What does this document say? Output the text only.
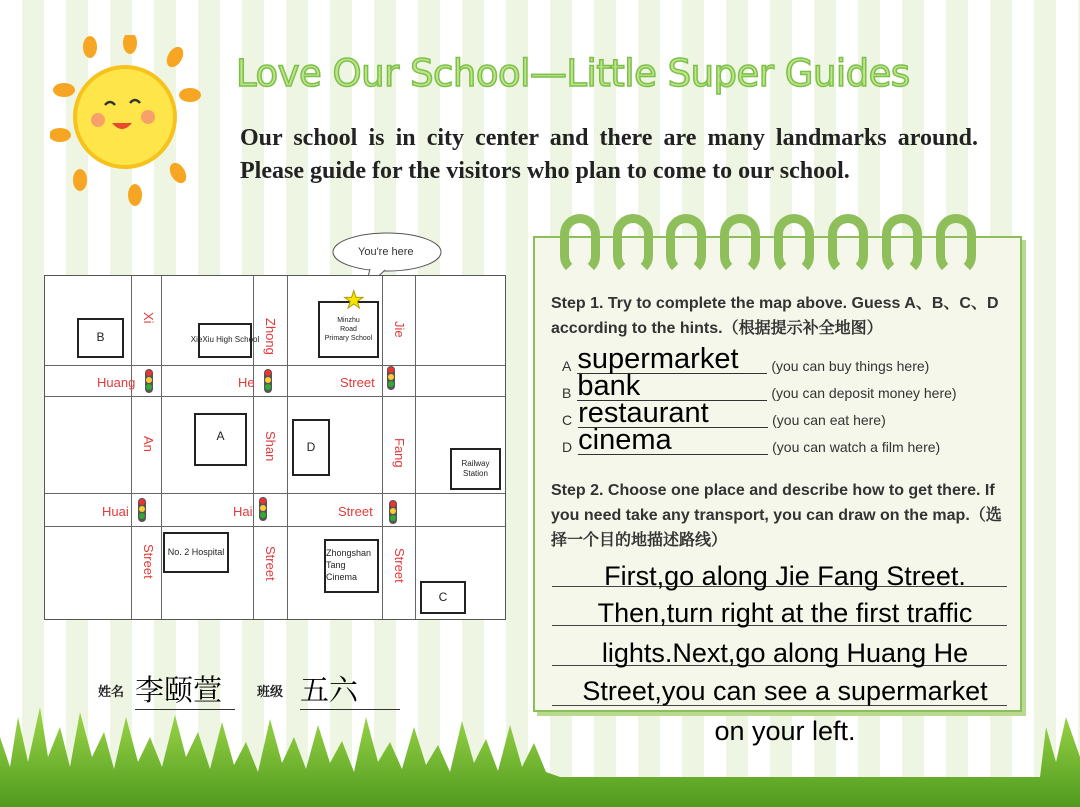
Love Our School—Little Super Guides
Our school is in city center and there are many landmarks around. Please guide for the visitors who plan to come to our school.
You're here
B	XieXiu High School
Minzhu
Road
Primary School
A
D
Railway
Station
No. 2 Hospital	Zhongshan
Tang
Cinema
C
★
Xi
An
Street
Zhong
Shan
Street
Jie
Fang
Street
Huang	He	Street
Huai	Hai	Street
Step 1. Try to complete the map above. Guess A、B、C、D according to the hints.（根据提示补全地图）
A supermarket	(you can buy things here)
B bank	(you can deposit money here)
C restaurant	(you can eat here)
D cinema	(you can watch a film here)
Step 2. Choose one place and describe how to get there. If you need take any transport, you can draw on the map.（选择一个目的地描述路线）
First,go along Jie Fang Street.
Then,turn right at the first traffic
lights.Next,go along Huang He
Street,you can see a supermarket
on your left.
姓名 李颐萱	班级 五六
